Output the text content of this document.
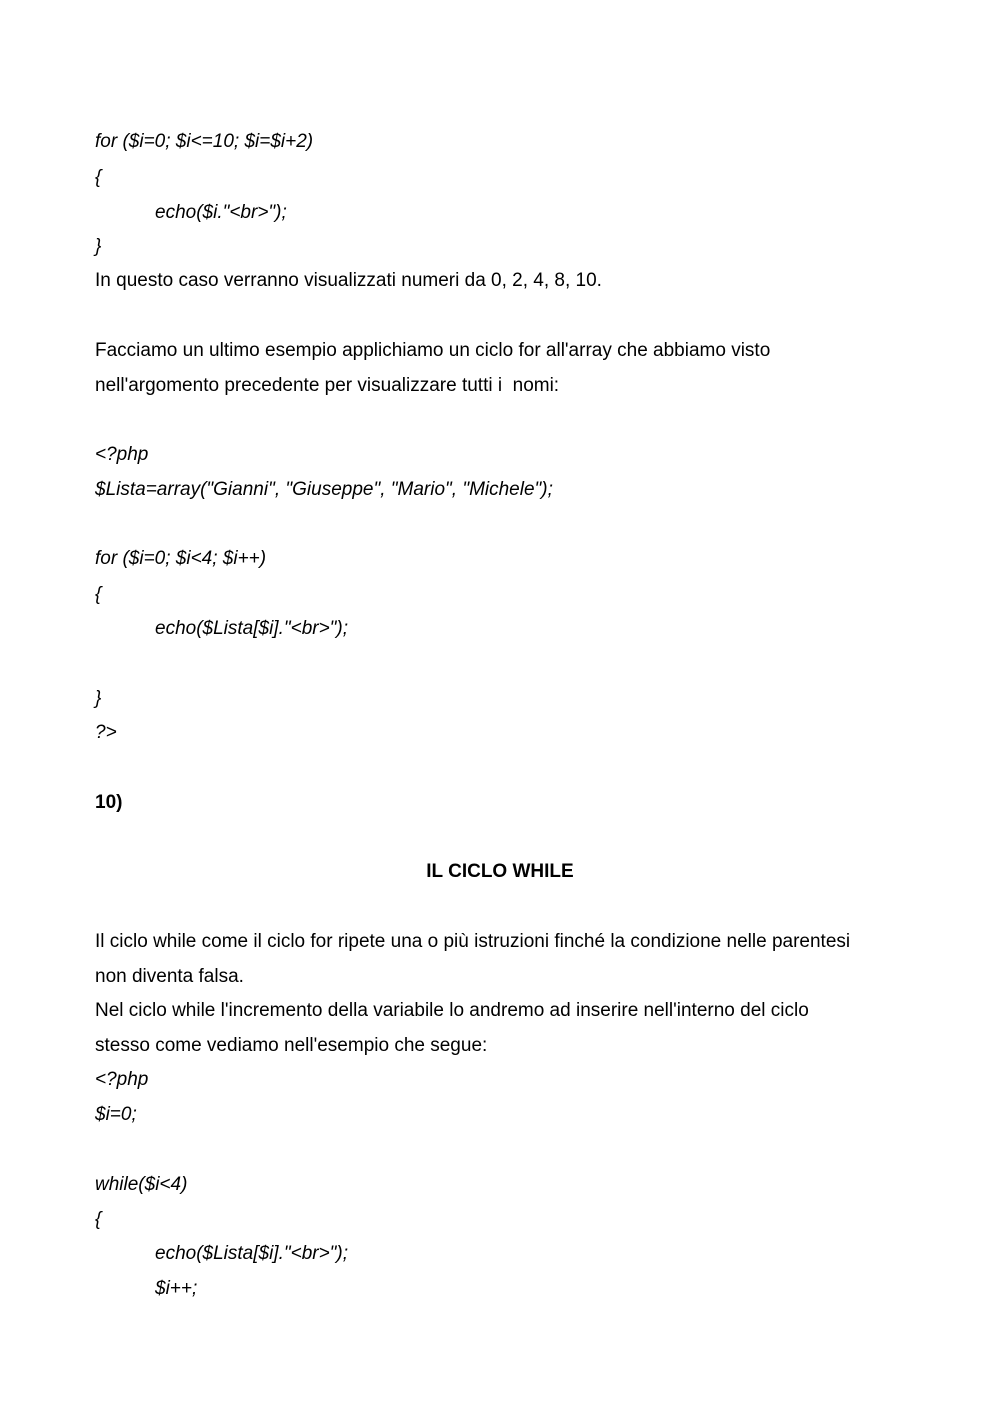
for ($i=0; $i<=10; $i=$i+2)
{
echo($i."<br>");
}
In questo caso verranno visualizzati numeri da 0, 2, 4, 8, 10.
Facciamo un ultimo esempio applichiamo un ciclo for all'array che abbiamo visto
nell'argomento precedente per visualizzare tutti i  nomi:
<?php
$Lista=array("Gianni", "Giuseppe", "Mario", "Michele");
for ($i=0; $i<4; $i++)
{
echo($Lista[$i]."<br>");
}
?>
10)
IL CICLO WHILE
Il ciclo while come il ciclo for ripete una o più istruzioni finché la condizione nelle parentesi
non diventa falsa.
Nel ciclo while l'incremento della variabile lo andremo ad inserire nell'interno del ciclo
stesso come vediamo nell'esempio che segue:
<?php
$i=0;
while($i<4)
{
echo($Lista[$i]."<br>");
$i++;
